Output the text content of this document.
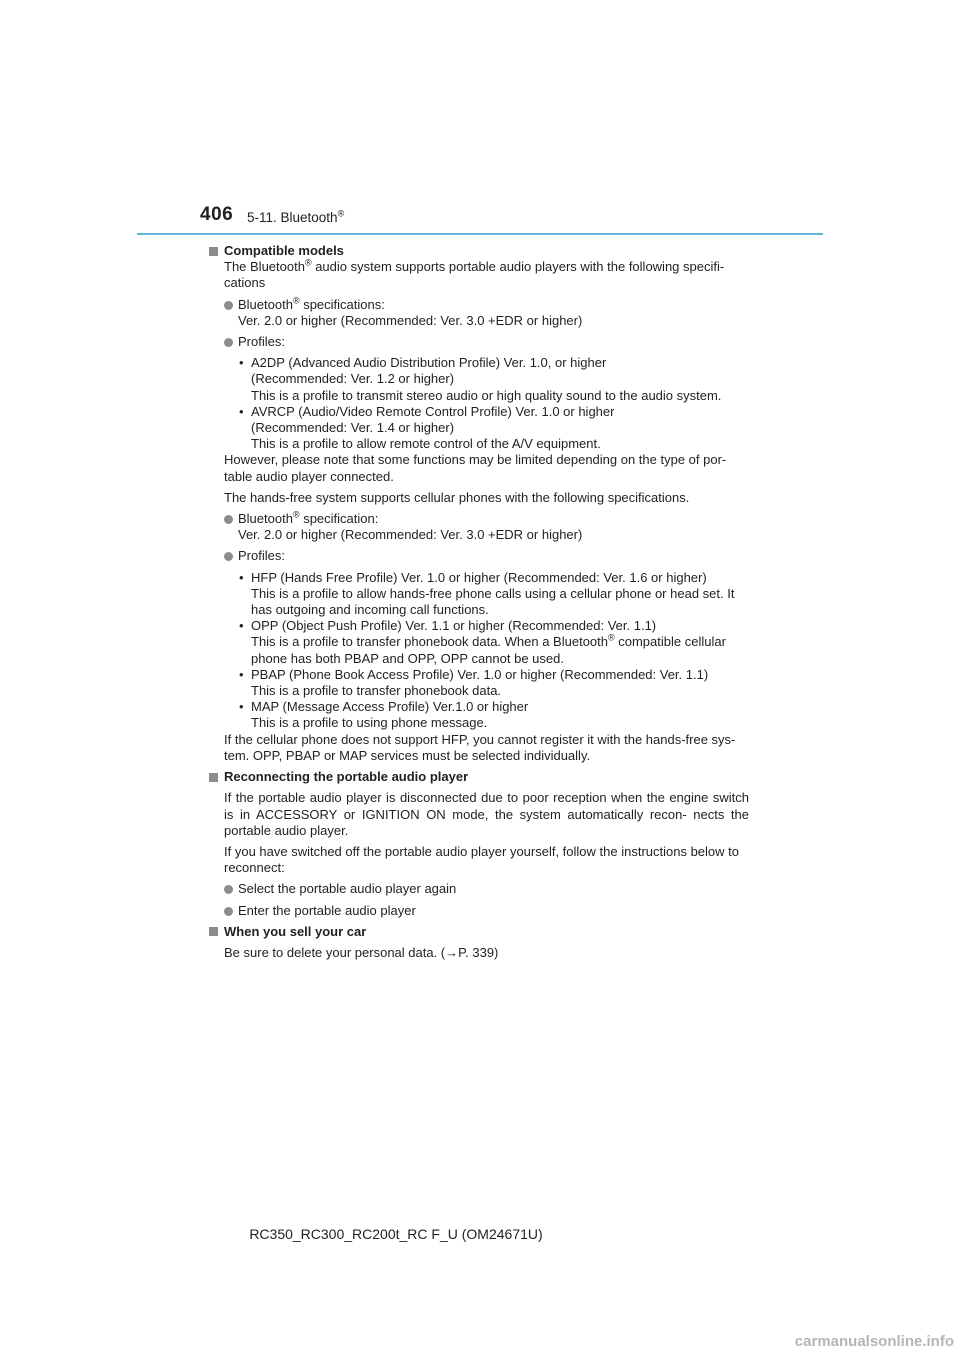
406 5-11. Bluetooth®
Compatible models
The Bluetooth® audio system supports portable audio players with the following specifi-
cations
Bluetooth® specifications:
Ver. 2.0 or higher (Recommended: Ver. 3.0 +EDR or higher)
Profiles:
• A2DP (Advanced Audio Distribution Profile) Ver. 1.0, or higher
(Recommended: Ver. 1.2 or higher)
This is a profile to transmit stereo audio or high quality sound to the audio system.
• AVRCP (Audio/Video Remote Control Profile) Ver. 1.0 or higher
(Recommended: Ver. 1.4 or higher)
This is a profile to allow remote control of the A/V equipment.
However, please note that some functions may be limited depending on the type of por-
table audio player connected.
The hands-free system supports cellular phones with the following specifications.
Bluetooth® specification:
Ver. 2.0 or higher (Recommended: Ver. 3.0 +EDR or higher)
Profiles:
• HFP (Hands Free Profile) Ver. 1.0 or higher (Recommended: Ver. 1.6 or higher)
This is a profile to allow hands-free phone calls using a cellular phone or head set. It
has outgoing and incoming call functions.
• OPP (Object Push Profile) Ver. 1.1 or higher (Recommended: Ver. 1.1)
This is a profile to transfer phonebook data. When a Bluetooth® compatible cellular
phone has both PBAP and OPP, OPP cannot be used.
• PBAP (Phone Book Access Profile) Ver. 1.0 or higher (Recommended: Ver. 1.1)
This is a profile to transfer phonebook data.
• MAP (Message Access Profile) Ver.1.0 or higher
This is a profile to using phone message.
If the cellular phone does not support HFP, you cannot register it with the hands-free sys-
tem. OPP, PBAP or MAP services must be selected individually.
Reconnecting the portable audio player
If the portable audio player is disconnected due to poor reception when the engine switch is in ACCESSORY or IGNITION ON mode, the system automatically recon- nects the portable audio player.
If you have switched off the portable audio player yourself, follow the instructions below to reconnect:
Select the portable audio player again
Enter the portable audio player
When you sell your car
Be sure to delete your personal data. (→P. 339)
RC350_RC300_RC200t_RC F_U (OM24671U)
carmanualsonline.info
